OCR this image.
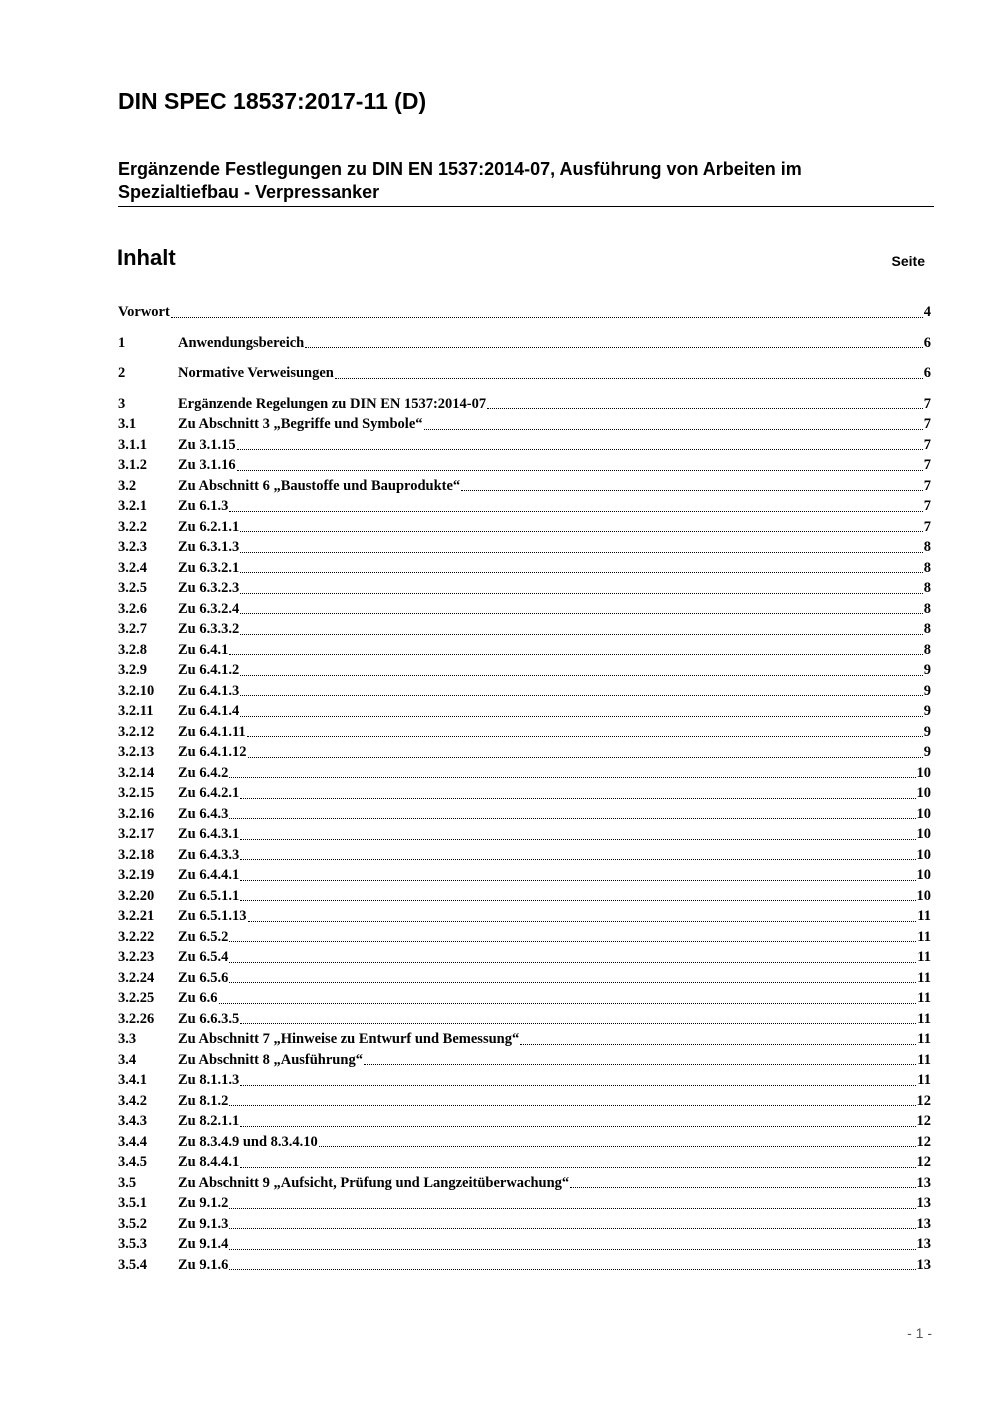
DIN SPEC 18537:2017-11 (D)
Ergänzende Festlegungen zu DIN EN 1537:2014-07, Ausführung von Arbeiten im
Spezialtiefbau - Verpressanker
Inhalt	Seite
Vorwort	4
1	Anwendungsbereich	6
2	Normative Verweisungen	6
3	Ergänzende Regelungen zu DIN EN 1537:2014-07	7
3.1	Zu Abschnitt 3 „Begriffe und Symbole“	7
3.1.1	Zu 3.1.15	7
3.1.2	Zu 3.1.16	7
3.2	Zu Abschnitt 6 „Baustoffe und Bauprodukte“	7
3.2.1	Zu 6.1.3	7
3.2.2	Zu 6.2.1.1	7
3.2.3	Zu 6.3.1.3	8
3.2.4	Zu 6.3.2.1	8
3.2.5	Zu 6.3.2.3	8
3.2.6	Zu 6.3.2.4	8
3.2.7	Zu 6.3.3.2	8
3.2.8	Zu 6.4.1	8
3.2.9	Zu 6.4.1.2	9
3.2.10	Zu 6.4.1.3	9
3.2.11	Zu 6.4.1.4	9
3.2.12	Zu 6.4.1.11	9
3.2.13	Zu 6.4.1.12	9
3.2.14	Zu 6.4.2	10
3.2.15	Zu 6.4.2.1	10
3.2.16	Zu 6.4.3	10
3.2.17	Zu 6.4.3.1	10
3.2.18	Zu 6.4.3.3	10
3.2.19	Zu 6.4.4.1	10
3.2.20	Zu 6.5.1.1	10
3.2.21	Zu 6.5.1.13	11
3.2.22	Zu 6.5.2	11
3.2.23	Zu 6.5.4	11
3.2.24	Zu 6.5.6	11
3.2.25	Zu 6.6	11
3.2.26	Zu 6.6.3.5	11
3.3	Zu Abschnitt 7 „Hinweise zu Entwurf und Bemessung“	11
3.4	Zu Abschnitt 8 „Ausführung“	11
3.4.1	Zu 8.1.1.3	11
3.4.2	Zu 8.1.2	12
3.4.3	Zu 8.2.1.1	12
3.4.4	Zu 8.3.4.9 und 8.3.4.10	12
3.4.5	Zu 8.4.4.1	12
3.5	Zu Abschnitt 9 „Aufsicht, Prüfung und Langzeitüberwachung“	13
3.5.1	Zu 9.1.2	13
3.5.2	Zu 9.1.3	13
3.5.3	Zu 9.1.4	13
3.5.4	Zu 9.1.6	13
- 1 -
